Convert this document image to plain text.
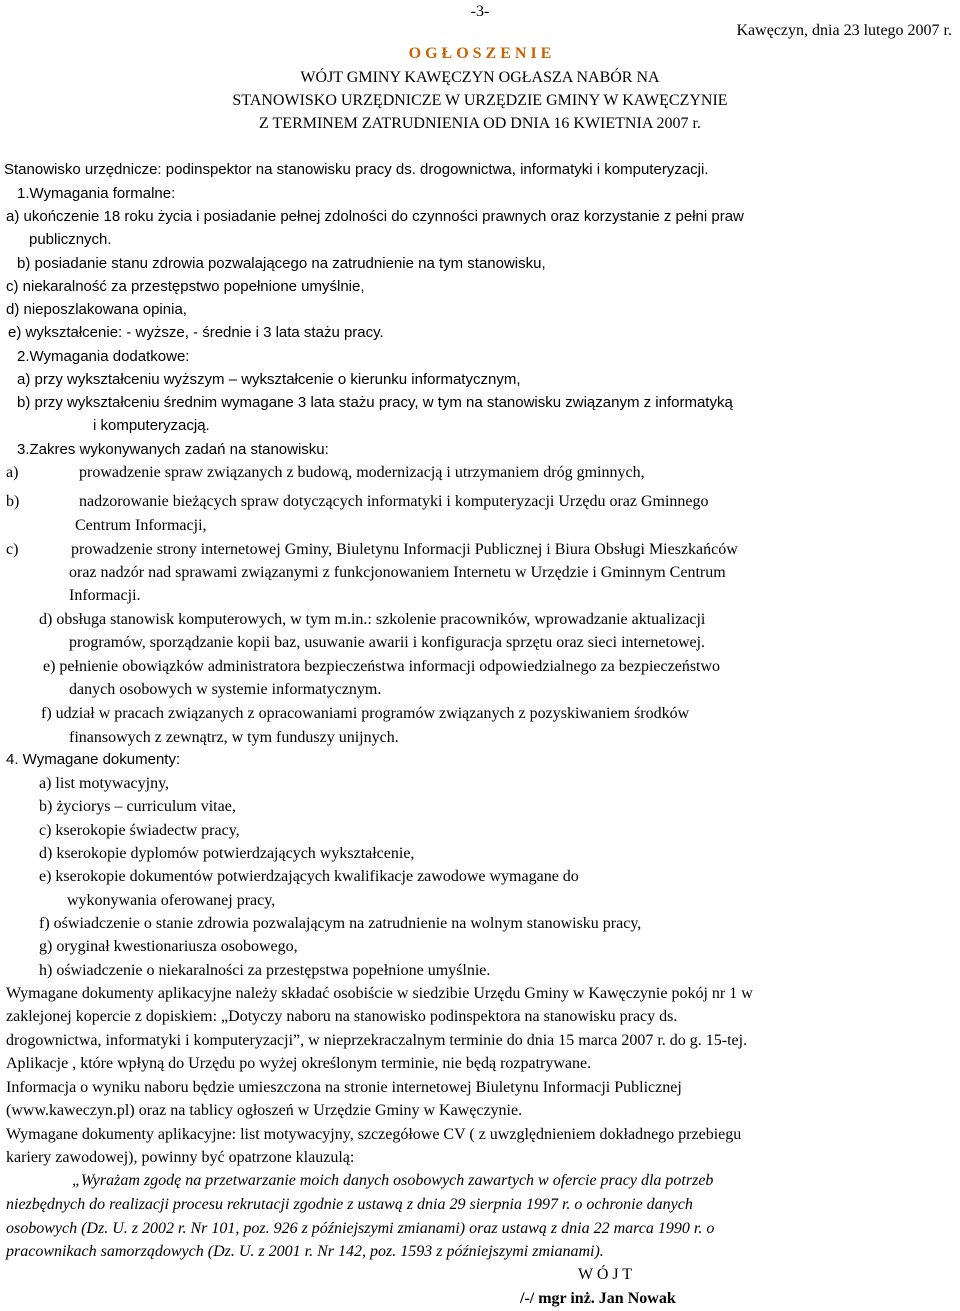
-3-
Kawęczyn, dnia 23 lutego 2007 r.
O G Ł O S Z E N I E
WÓJT GMINY KAWĘCZYN OGŁASZA NABÓR NA
STANOWISKO URZĘDNICZE W URZĘDZIE GMINY W KAWĘCZYNIE
Z TERMINEM ZATRUDNIENIA OD DNIA 16 KWIETNIA 2007 r.
Stanowisko urzędnicze: podinspektor na stanowisku pracy ds. drogownictwa, informatyki i komputeryzacji.
1.Wymagania formalne:
a) ukończenie 18 roku życia i posiadanie pełnej zdolności do czynności prawnych oraz korzystanie z pełni praw
publicznych.
b) posiadanie stanu zdrowia pozwalającego na zatrudnienie na tym stanowisku,
c) niekaralność za przestępstwo popełnione umyślnie,
d) nieposzlakowana opinia,
e) wykształcenie: - wyższe, - średnie i 3 lata stażu pracy.
2.Wymagania dodatkowe:
a) przy wykształceniu wyższym – wykształcenie o kierunku informatycznym,
b) przy wykształceniu średnim wymagane 3 lata stażu pracy, w tym na stanowisku związanym z informatyką
i komputeryzacją.
3.Zakres wykonywanych zadań na stanowisku:
a)	prowadzenie spraw związanych z budową, modernizacją i utrzymaniem dróg gminnych,
b)	nadzorowanie bieżących spraw dotyczących informatyki i komputeryzacji Urzędu oraz Gminnego
Centrum Informacji,
c)	prowadzenie strony internetowej Gminy, Biuletynu Informacji Publicznej i Biura Obsługi Mieszkańców
oraz nadzór nad sprawami związanymi z funkcjonowaniem Internetu w Urzędzie i Gminnym Centrum
Informacji.
d) obsługa stanowisk komputerowych, w tym m.in.: szkolenie pracowników, wprowadzanie aktualizacji
programów, sporządzanie kopii baz, usuwanie awarii i konfiguracja sprzętu oraz sieci internetowej.
e) pełnienie obowiązków administratora bezpieczeństwa informacji odpowiedzialnego za bezpieczeństwo
danych osobowych w systemie informatycznym.
f) udział w pracach związanych z opracowaniami programów związanych z pozyskiwaniem środków
finansowych z zewnątrz, w tym funduszy unijnych.
4. Wymagane dokumenty:
a) list motywacyjny,
b) życiorys – curriculum vitae,
c) kserokopie świadectw pracy,
d) kserokopie dyplomów potwierdzających wykształcenie,
e) kserokopie dokumentów potwierdzających kwalifikacje zawodowe wymagane do
wykonywania oferowanej pracy,
f) oświadczenie o stanie zdrowia pozwalającym na zatrudnienie na wolnym stanowisku pracy,
g) oryginał kwestionariusza osobowego,
h) oświadczenie o niekaralności za przestępstwa popełnione umyślnie.
Wymagane dokumenty aplikacyjne należy składać osobiście w siedzibie Urzędu Gminy w Kawęczynie pokój nr 1 w
zaklejonej kopercie z dopiskiem: „Dotyczy naboru na stanowisko podinspektora na stanowisku pracy ds.
drogownictwa, informatyki i komputeryzacji”, w nieprzekraczalnym terminie do dnia 15 marca 2007 r. do g. 15-tej.
Aplikacje , które wpłyną do Urzędu po wyżej określonym terminie, nie będą rozpatrywane.
Informacja o wyniku naboru będzie umieszczona na stronie internetowej Biuletynu Informacji Publicznej
(www.kaweczyn.pl) oraz na tablicy ogłoszeń w Urzędzie Gminy w Kawęczynie.
Wymagane dokumenty aplikacyjne: list motywacyjny, szczegółowe CV ( z uwzględnieniem dokładnego przebiegu
kariery zawodowej), powinny być opatrzone klauzulą:
„Wyrażam zgodę na przetwarzanie moich danych osobowych zawartych w ofercie pracy dla potrzeb
niezbędnych do realizacji procesu rekrutacji zgodnie z ustawą z dnia 29 sierpnia 1997 r. o ochronie danych
osobowych (Dz. U. z 2002 r. Nr 101, poz. 926 z późniejszymi zmianami) oraz ustawą z dnia 22 marca 1990 r. o
pracownikach samorządowych (Dz. U. z 2001 r. Nr 142, poz. 1593 z późniejszymi zmianami).
W Ó J T
/-/ mgr inż. Jan Nowak
